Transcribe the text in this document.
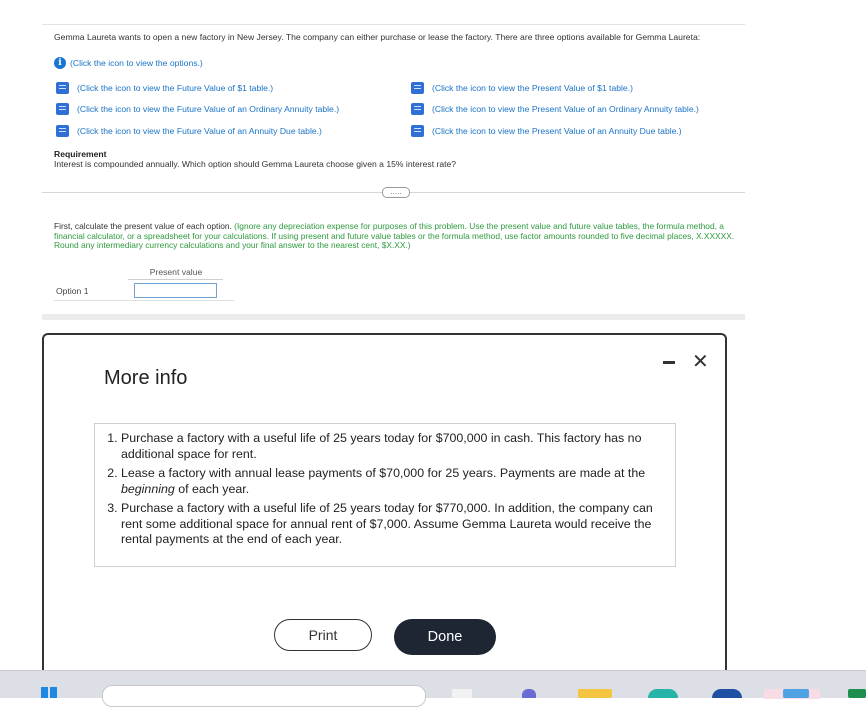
Gemma Laureta wants to open a new factory in New Jersey. The company can either purchase or lease the factory. There are three options available for Gemma Laureta:
i (Click the icon to view the options.)
(Click the icon to view the Future Value of $1 table.)
(Click the icon to view the Future Value of an Ordinary Annuity table.)
(Click the icon to view the Future Value of an Annuity Due table.)
(Click the icon to view the Present Value of $1 table.)
(Click the icon to view the Present Value of an Ordinary Annuity table.)
(Click the icon to view the Present Value of an Annuity Due table.)
Requirement
Interest is compounded annually. Which option should Gemma Laureta choose given a 15% interest rate?
.....
First, calculate the present value of each option. (Ignore any depreciation expense for purposes of this problem. Use the present value and future value tables, the formula method, a financial calculator, or a spreadsheet for your calculations. If using present and future value tables or the formula method, use factor amounts rounded to five decimal places, X.XXXXX. Round any intermediary currency calculations and your final answer to the nearest cent, $X.XX.)
Present value
Option 1
More info
✕
1. Purchase a factory with a useful life of 25 years today for $700,000 in cash. This factory has no additional space for rent.
2. Lease a factory with annual lease payments of $70,000 for 25 years. Payments are made at the beginning of each year.
3. Purchase a factory with a useful life of 25 years today for $770,000. In addition, the company can rent some additional space for annual rent of $7,000. Assume Gemma Laureta would receive the rental payments at the end of each year.
Print	Done
